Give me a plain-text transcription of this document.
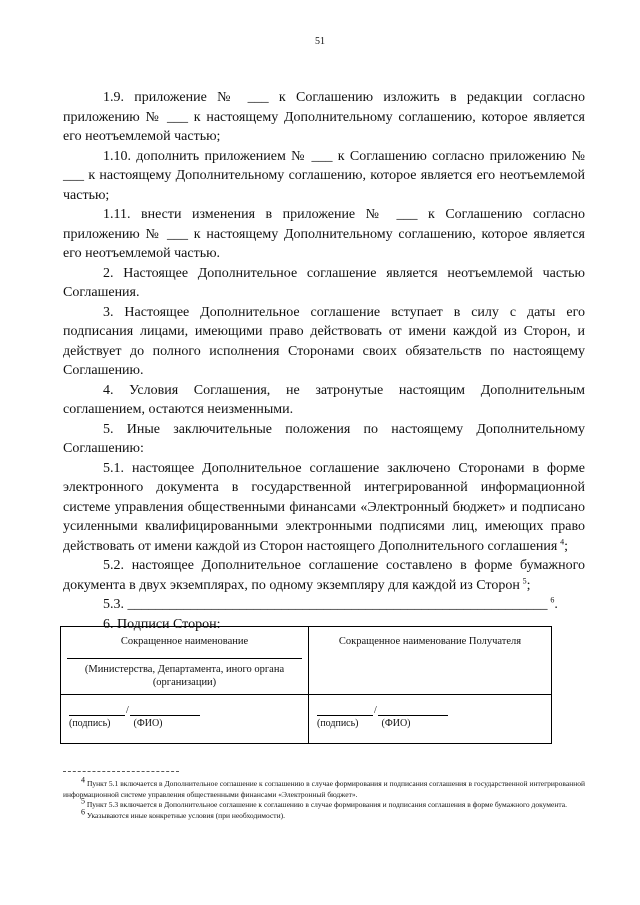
51

1.9. приложение № ___ к Соглашению изложить в редакции согласно приложению № ___ к настоящему Дополнительному соглашению, которое является его неотъемлемой частью;

1.10. дополнить приложением № ___ к Соглашению согласно приложению № ___ к настоящему Дополнительному соглашению, которое является его неотъемлемой частью;

1.11. внести изменения в приложение № ___ к Соглашению согласно приложению № ___ к настоящему Дополнительному соглашению, которое является его неотъемлемой частью.

2. Настоящее Дополнительное соглашение является неотъемлемой частью Соглашения.

3. Настоящее Дополнительное соглашение вступает в силу с даты его подписания лицами, имеющими право действовать от имени каждой из Сторон, и действует до полного исполнения Сторонами своих обязательств по настоящему Соглашению.

4. Условия Соглашения, не затронутые настоящим Дополнительным соглашением, остаются неизменными.

5. Иные заключительные положения по настоящему Дополнительному Соглашению:

5.1. настоящее Дополнительное соглашение заключено Сторонами в форме электронного документа в государственной интегрированной информационной системе управления общественными финансами «Электронный бюджет» и подписано усиленными квалифицированными электронными подписями лиц, имеющих право действовать от имени каждой из Сторон настоящего Дополнительного соглашения  $^4$;

5.2. настоящее Дополнительное соглашение составлено в форме бумажного документа в двух экземплярах, по одному экземпляру для каждой из Сторон  $^5$;

5.3. ____________________________________________________________  $^6$.

6. Подписи Сторон:

Сокращенное наименование
(Министерства, Департамента, иного органа (организации)
/
(подпись) (ФИО)
Сокращенное наименование Получателя
/
(подпись) (ФИО)

$^4$ Пункт 5.1 включается в Дополнительное соглашение к соглашению в случае формирования и подписания соглашения в государственной интегрированной информационной системе управления общественными финансами «Электронный бюджет».

$^5$ Пункт 5.3 включается в Дополнительное соглашение к соглашению в случае формирования и подписания соглашения в форме бумажного документа.

$^6$ Указываются иные конкретные условия (при необходимости).
